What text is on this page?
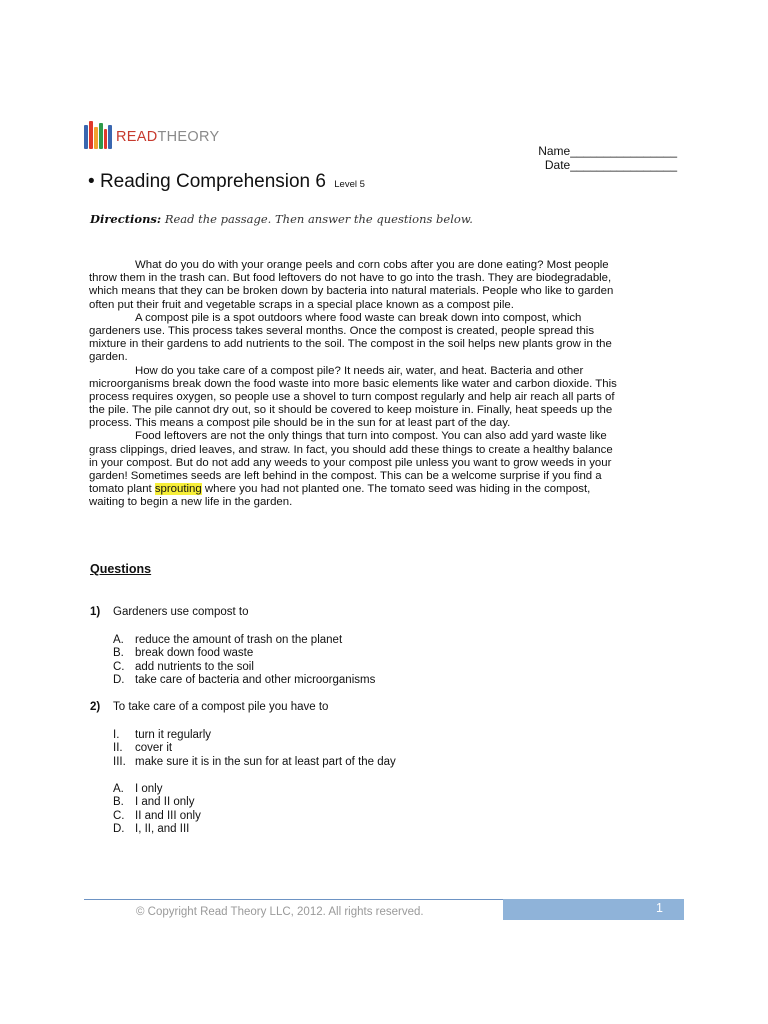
READTHEORY
Name________________
Date________________
• Reading Comprehension 6 Level 5
Directions: Read the passage. Then answer the questions below.
What do you do with your orange peels and corn cobs after you are done eating? Most people
throw them in the trash can. But food leftovers do not have to go into the trash. They are biodegradable,
which means that they can be broken down by bacteria into natural materials. People who like to garden
often put their fruit and vegetable scraps in a special place known as a compost pile.
A compost pile is a spot outdoors where food waste can break down into compost, which
gardeners use. This process takes several months. Once the compost is created, people spread this
mixture in their gardens to add nutrients to the soil. The compost in the soil helps new plants grow in the
garden.
How do you take care of a compost pile? It needs air, water, and heat. Bacteria and other
microorganisms break down the food waste into more basic elements like water and carbon dioxide. This
process requires oxygen, so people use a shovel to turn compost regularly and help air reach all parts of
the pile. The pile cannot dry out, so it should be covered to keep moisture in. Finally, heat speeds up the
process. This means a compost pile should be in the sun for at least part of the day.
Food leftovers are not the only things that turn into compost. You can also add yard waste like
grass clippings, dried leaves, and straw. In fact, you should add these things to create a healthy balance
in your compost. But do not add any weeds to your compost pile unless you want to grow weeds in your
garden! Sometimes seeds are left behind in the compost. This can be a welcome surprise if you find a
tomato plant sprouting where you had not planted one. The tomato seed was hiding in the compost,
waiting to begin a new life in the garden.
Questions
1) Gardeners use compost to
A. reduce the amount of trash on the planet
B. break down food waste
C. add nutrients to the soil
D. take care of bacteria and other microorganisms
2) To take care of a compost pile you have to
I. turn it regularly
II. cover it
III. make sure it is in the sun for at least part of the day
A. I only
B. I and II only
C. II and III only
D. I, II, and III
© Copyright Read Theory LLC, 2012. All rights reserved.	1
